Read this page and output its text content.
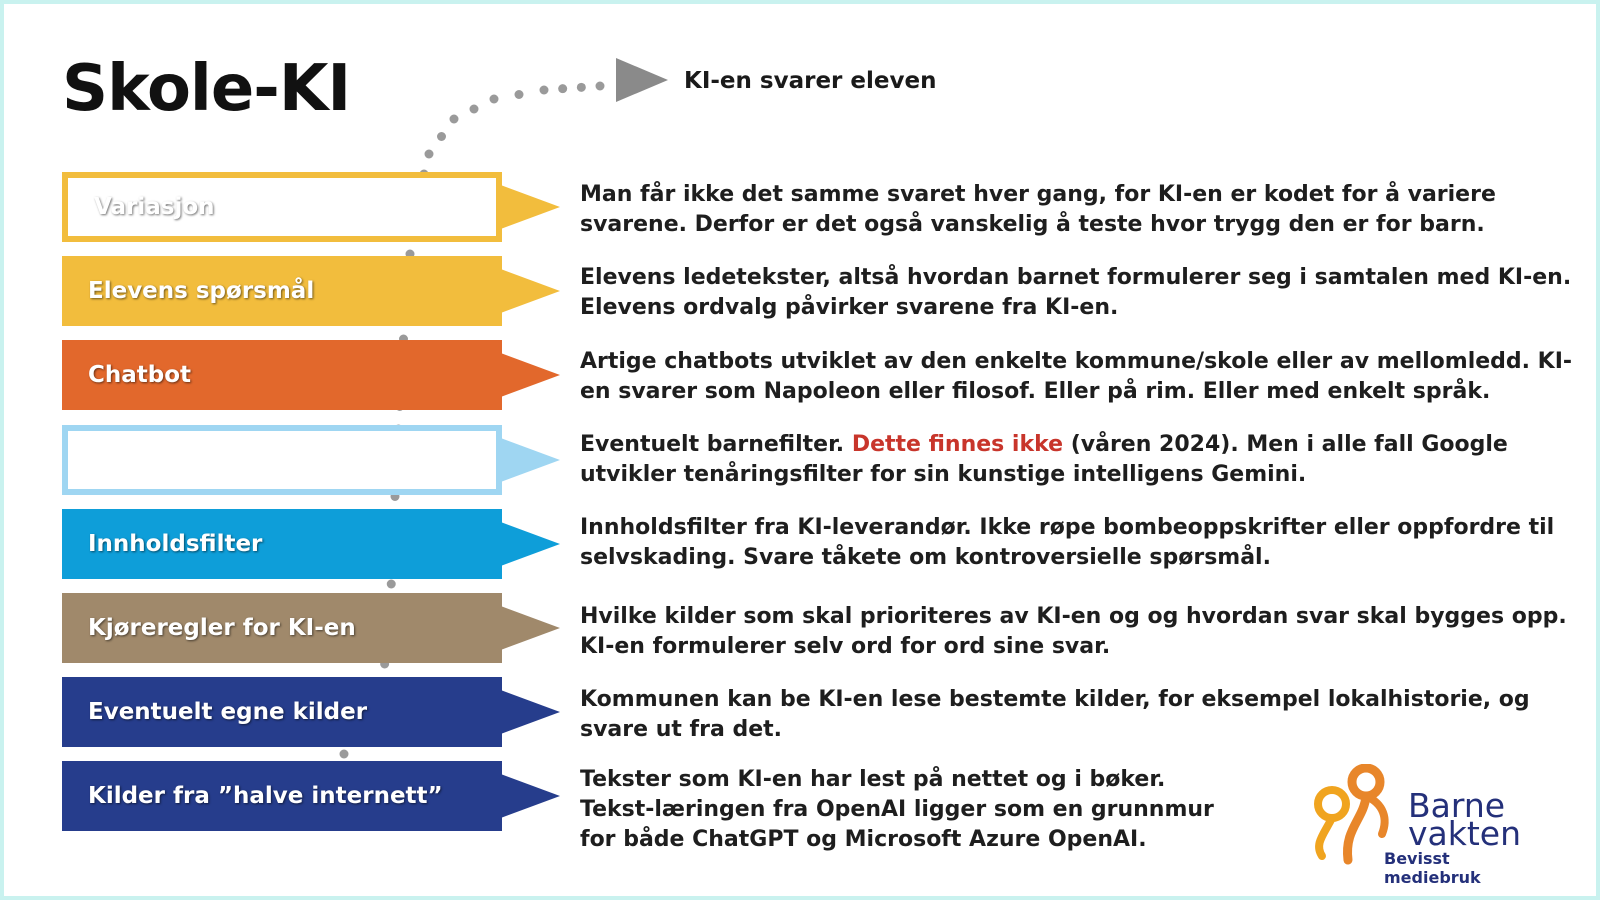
Skole-KI	KI-en svarer eleven
Variasjon
Elevens spørsmål
Chatbot
Innholdsfilter
Kjøreregler for KI-en
Eventuelt egne kilder
Kilder fra ”halve internett”
Man får ikke det samme svaret hver gang, for KI-en er kodet for å variere svarene. Derfor er det også vanskelig å teste hvor trygg den er for barn.
Elevens ledetekster, altså hvordan barnet formulerer seg i samtalen med KI-en. Elevens ordvalg påvirker svarene fra KI-en.
Artige chatbots utviklet av den enkelte kommune/skole eller av mellomledd. KI-en svarer som Napoleon eller filosof. Eller på rim. Eller med enkelt språk.
Eventuelt barnefilter. Dette finnes ikke (våren 2024). Men i alle fall Google utvikler tenåringsfilter for sin kunstige intelligens Gemini.
Innholdsfilter fra KI-leverandør. Ikke røpe bombeoppskrifter eller oppfordre til selvskading. Svare tåkete om kontroversielle spørsmål.
Hvilke kilder som skal prioriteres av KI-en og og hvordan svar skal bygges opp. KI-en formulerer selv ord for ord sine svar.
Kommunen kan be KI-en lese bestemte kilder, for eksempel lokalhistorie, og svare ut fra det.
Tekster som KI-en har lest på nettet og i bøker. Tekst-læringen fra OpenAI ligger som en grunnmur for både ChatGPT og Microsoft Azure OpenAI.
Barne
vakten
Bevisst mediebruk
